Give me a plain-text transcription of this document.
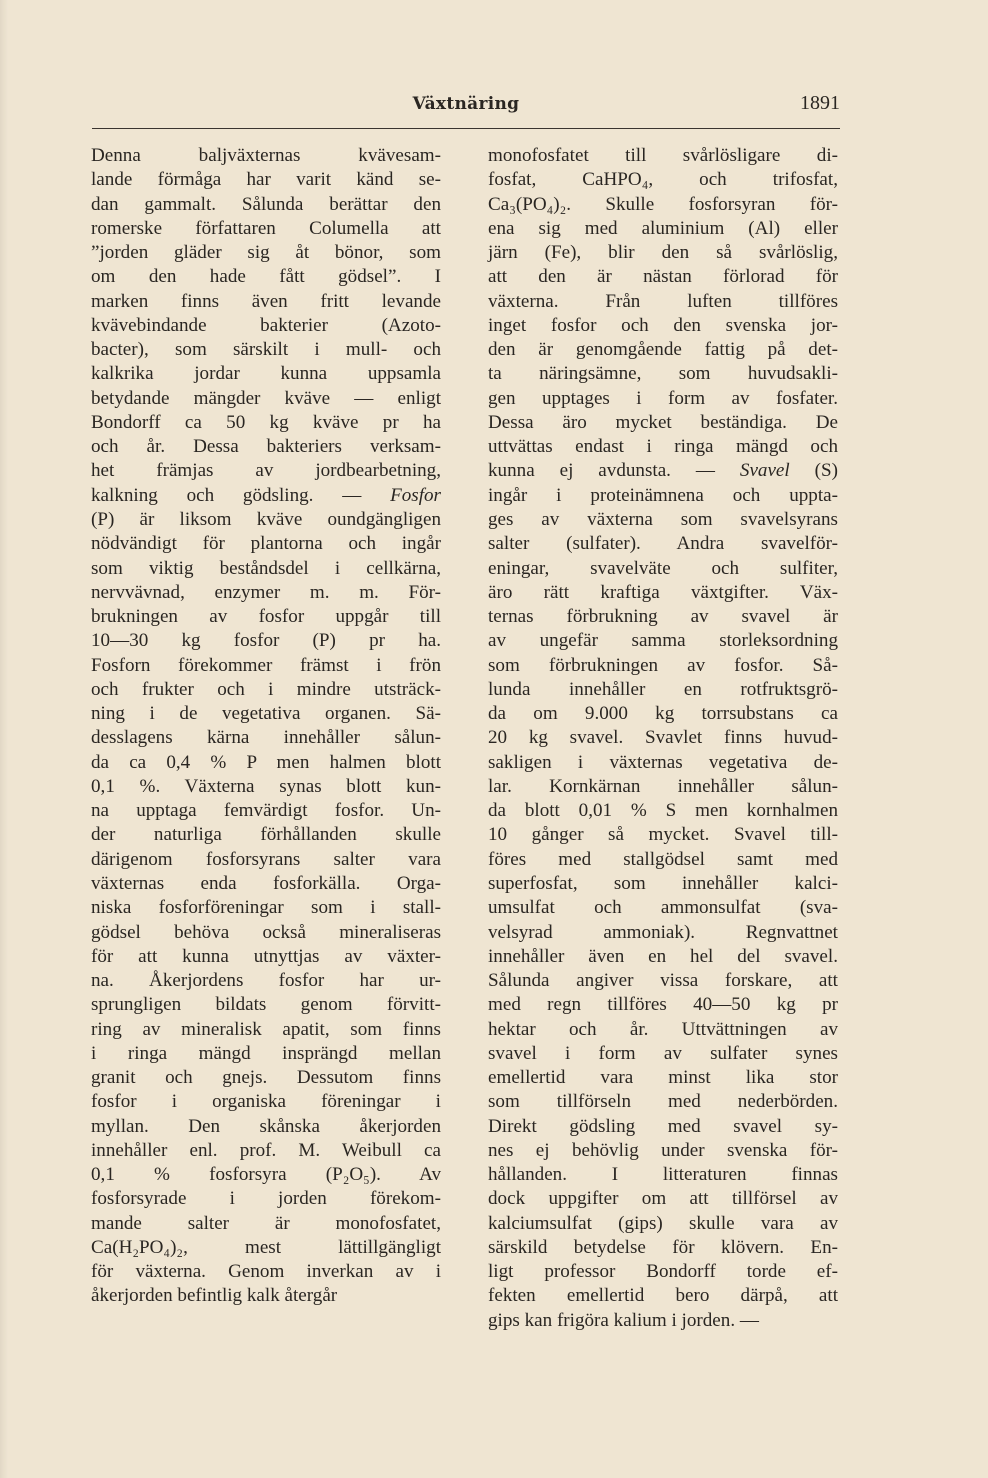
Växtnäring	1891
Denna baljväxternas kvävesam-
lande förmåga har varit känd se-
dan gammalt. Sålunda berättar den
romerske författaren Columella att
”jorden gläder sig åt bönor, som
om den hade fått gödsel”. I
marken finns även fritt levande
kvävebindande bakterier (Azoto-
bacter), som särskilt i mull- och
kalkrika jordar kunna uppsamla
betydande mängder kväve — enligt
Bondorff ca 50 kg kväve pr ha
och år. Dessa bakteriers verksam-
het främjas av jordbearbetning,
kalkning och gödsling. — Fosfor
(P) är liksom kväve oundgängligen
nödvändigt för plantorna och ingår
som viktig beståndsdel i cellkärna,
nervvävnad, enzymer m. m. För-
brukningen av fosfor uppgår till
10—30 kg fosfor (P) pr ha.
Fosforn förekommer främst i frön
och frukter och i mindre utsträck-
ning i de vegetativa organen. Sä-
desslagens kärna innehåller sålun-
da ca 0,4 % P men halmen blott
0,1 %. Växterna synas blott kun-
na upptaga femvärdigt fosfor. Un-
der naturliga förhållanden skulle
därigenom fosforsyrans salter vara
växternas enda fosforkälla. Orga-
niska fosforföreningar som i stall-
gödsel behöva också mineraliseras
för att kunna utnyttjas av växter-
na. Åkerjordens fosfor har ur-
sprungligen bildats genom förvitt-
ring av mineralisk apatit, som finns
i ringa mängd insprängd mellan
granit och gnejs. Dessutom finns
fosfor i organiska föreningar i
myllan. Den skånska åkerjorden
innehåller enl. prof. M. Weibull ca
0,1 % fosforsyra (P₂O₅). Av
fosforsyrade i jorden förekom-
mande salter är monofosfatet,
Ca(H₂PO₄)₂, mest lättillgängligt
för växterna. Genom inverkan av i
åkerjorden befintlig kalk återgår
monofosfatet till svårlösligare di-
fosfat, CaHPO₄, och trifosfat,
Ca₃(PO₄)₂. Skulle fosforsyran för-
ena sig med aluminium (Al) eller
järn (Fe), blir den så svårlöslig,
att den är nästan förlorad för
växterna. Från luften tillföres
inget fosfor och den svenska jor-
den är genomgående fattig på det-
ta näringsämne, som huvudsakli-
gen upptages i form av fosfater.
Dessa äro mycket beständiga. De
uttvättas endast i ringa mängd och
kunna ej avdunsta. — Svavel (S)
ingår i proteinämnena och uppta-
ges av växterna som svavelsyrans
salter (sulfater). Andra svavelför-
eningar, svavelväte och sulfiter,
äro rätt kraftiga växtgifter. Väx-
ternas förbrukning av svavel är
av ungefär samma storleksordning
som förbrukningen av fosfor. Så-
lunda innehåller en rotfruktsgrö-
da om 9.000 kg torrsubstans ca
20 kg svavel. Svavlet finns huvud-
sakligen i växternas vegetativa de-
lar. Kornkärnan innehåller sålun-
da blott 0,01 % S men kornhalmen
10 gånger så mycket. Svavel till-
föres med stallgödsel samt med
superfosfat, som innehåller kalci-
umsulfat och ammonsulfat (sva-
velsyrad ammoniak). Regnvattnet
innehåller även en hel del svavel.
Sålunda angiver vissa forskare, att
med regn tillföres 40—50 kg pr
hektar och år. Uttvättningen av
svavel i form av sulfater synes
emellertid vara minst lika stor
som tillförseln med nederbörden.
Direkt gödsling med svavel sy-
nes ej behövlig under svenska för-
hållanden. I litteraturen finnas
dock uppgifter om att tillförsel av
kalciumsulfat (gips) skulle vara av
särskild betydelse för klövern. En-
ligt professor Bondorff torde ef-
fekten emellertid bero därpå, att
gips kan frigöra kalium i jorden. —
